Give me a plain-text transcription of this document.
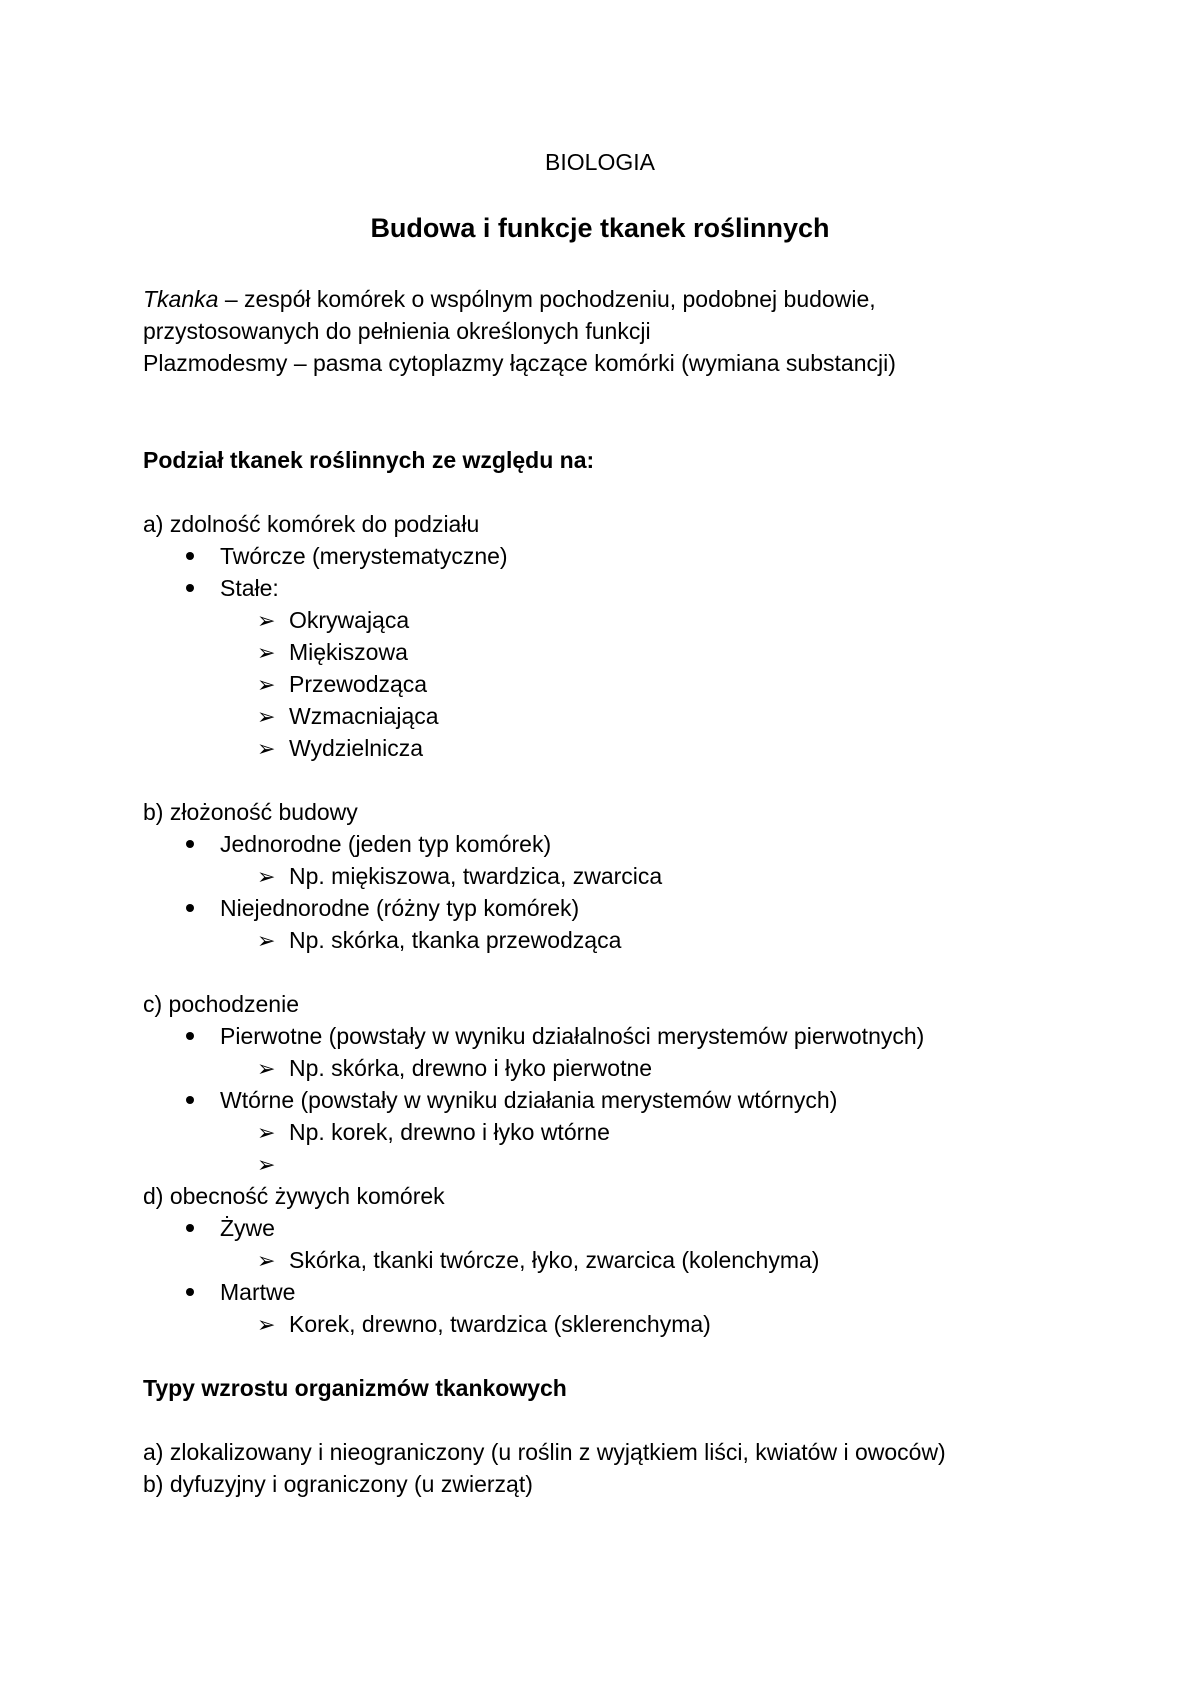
BIOLOGIA
Budowa i funkcje tkanek roślinnych
Tkanka – zespół komórek o wspólnym pochodzeniu, podobnej budowie,
przystosowanych do pełnienia określonych funkcji
Plazmodesmy – pasma cytoplazmy łączące komórki (wymiana substancji)
Podział tkanek roślinnych ze względu na:
a) zdolność komórek do podziału
Twórcze (merystematyczne)
Stałe:
➢ Okrywająca
➢ Miękiszowa
➢ Przewodząca
➢ Wzmacniająca
➢ Wydzielnicza
b) złożoność budowy
Jednorodne (jeden typ komórek)
➢ Np. miękiszowa, twardzica, zwarcica
Niejednorodne (różny typ komórek)
➢ Np. skórka, tkanka przewodząca
c) pochodzenie
Pierwotne (powstały w wyniku działalności merystemów pierwotnych)
➢ Np. skórka, drewno i łyko pierwotne
Wtórne (powstały w wyniku działania merystemów wtórnych)
➢ Np. korek, drewno i łyko wtórne
➢
d) obecność żywych komórek
Żywe
➢ Skórka, tkanki twórcze, łyko, zwarcica (kolenchyma)
Martwe
➢ Korek, drewno, twardzica (sklerenchyma)
Typy wzrostu organizmów tkankowych
a) zlokalizowany i nieograniczony (u roślin z wyjątkiem liści, kwiatów i owoców)
b) dyfuzyjny i ograniczony (u zwierząt)
